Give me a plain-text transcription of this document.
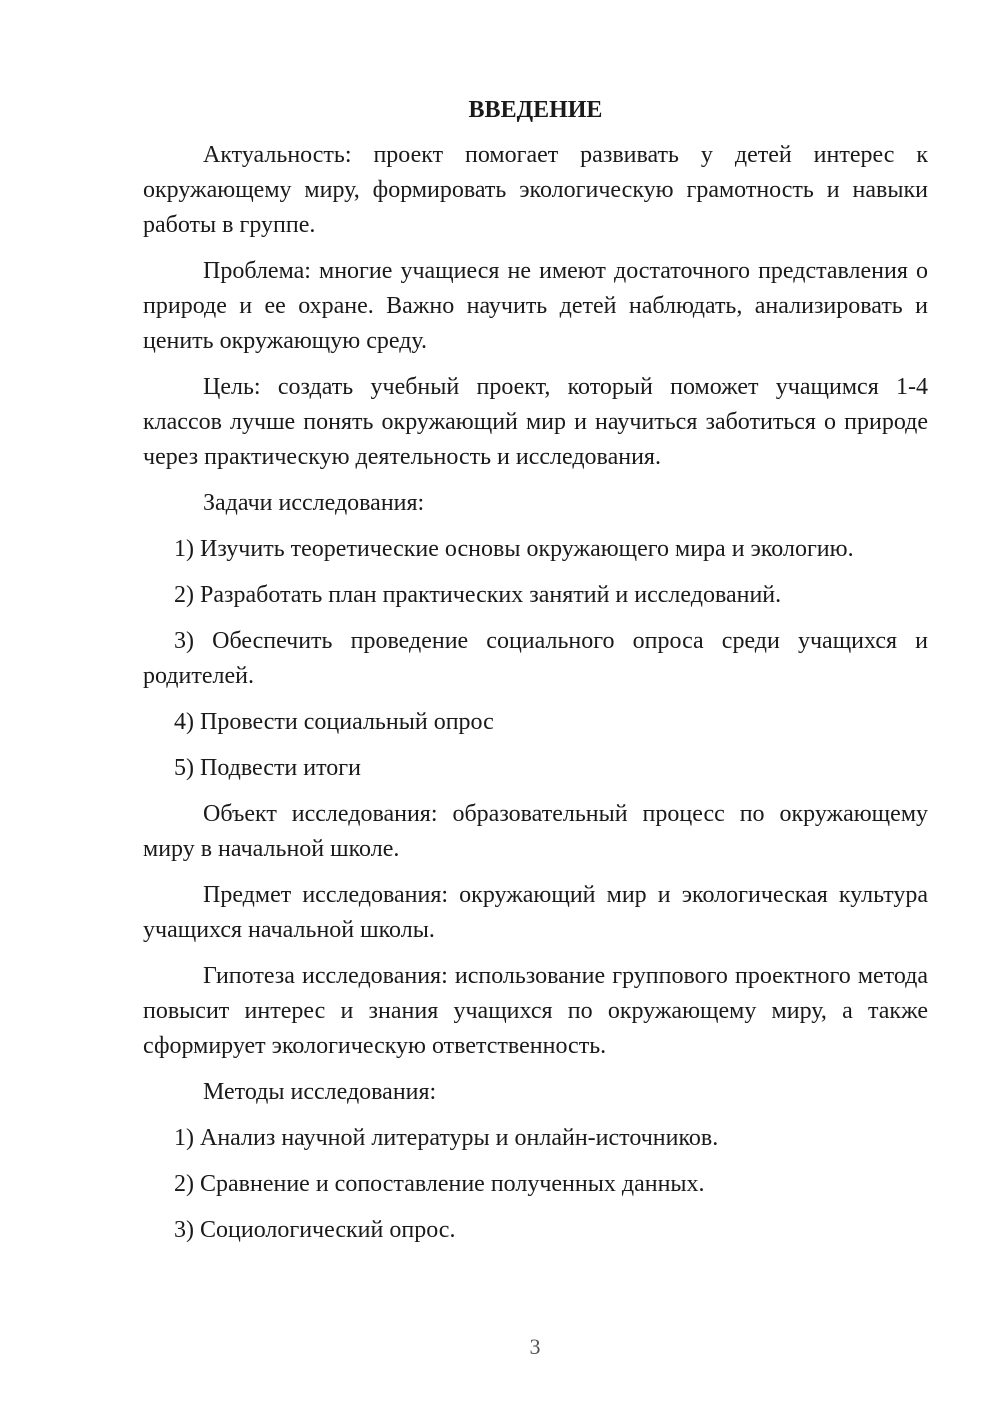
ВВЕДЕНИЕ

Актуальность: проект помогает развивать у детей интерес к окружающему миру, формировать экологическую грамотность и навыки работы в группе.

Проблема: многие учащиеся не имеют достаточного представления о природе и ее охране. Важно научить детей наблюдать, анализировать и ценить окружающую среду.

Цель: создать учебный проект, который поможет учащимся 1-4 классов лучше понять окружающий мир и научиться заботиться о природе через практическую деятельность и исследования.

Задачи исследования:

1) Изучить теоретические основы окружающего мира и экологию.

2) Разработать план практических занятий и исследований.

3) Обеспечить проведение социального опроса среди учащихся и родителей.

4) Провести социальный опрос

5) Подвести итоги

Объект исследования: образовательный процесс по окружающему миру в начальной школе.

Предмет исследования: окружающий мир и экологическая культура учащихся начальной школы.

Гипотеза исследования: использование группового проектного метода повысит интерес и знания учащихся по окружающему миру, а также сформирует экологическую ответственность.

Методы исследования:

1) Анализ научной литературы и онлайн-источников.

2) Сравнение и сопоставление полученных данных.

3) Социологический опрос.

3
